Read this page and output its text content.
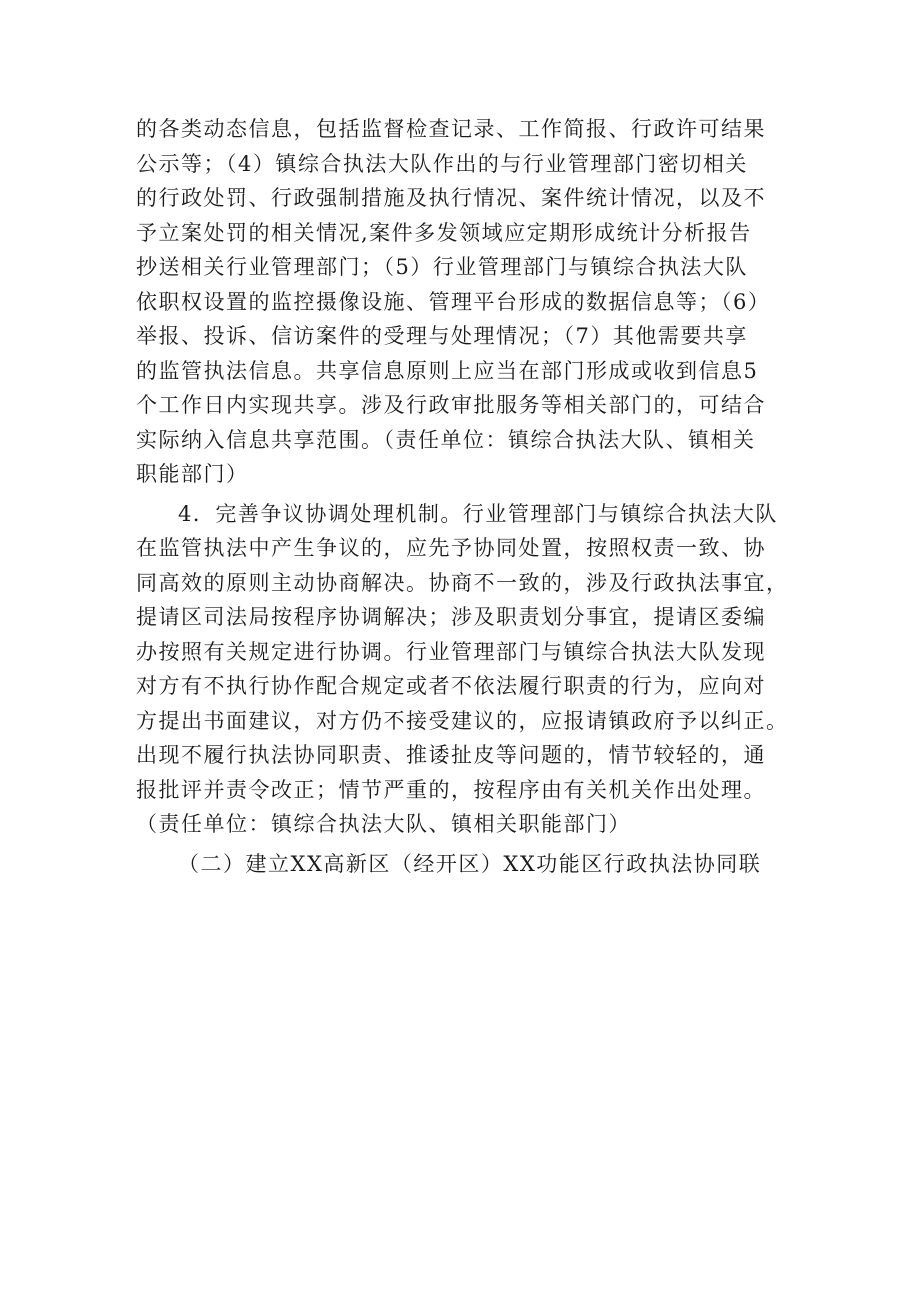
的各类动态信息，包括监督检查记录、工作简报、行政许可结果
公示等；（4）镇综合执法大队作出的与行业管理部门密切相关
的行政处罚、行政强制措施及执行情况、案件统计情况，以及不
予立案处罚的相关情况,案件多发领域应定期形成统计分析报告
抄送相关行业管理部门；（5）行业管理部门与镇综合执法大队
依职权设置的监控摄像设施、管理平台形成的数据信息等；（6）
举报、投诉、信访案件的受理与处理情况；（7）其他需要共享
的监管执法信息。共享信息原则上应当在部门形成或收到信息5
个工作日内实现共享。涉及行政审批服务等相关部门的，可结合
实际纳入信息共享范围。（责任单位：镇综合执法大队、镇相关
职能部门）
4．完善争议协调处理机制。行业管理部门与镇综合执法大队
在监管执法中产生争议的，应先予协同处置，按照权责一致、协
同高效的原则主动协商解决。协商不一致的，涉及行政执法事宜，
提请区司法局按程序协调解决；涉及职责划分事宜，提请区委编
办按照有关规定进行协调。行业管理部门与镇综合执法大队发现
对方有不执行协作配合规定或者不依法履行职责的行为，应向对
方提出书面建议，对方仍不接受建议的，应报请镇政府予以纠正。
出现不履行执法协同职责、推诿扯皮等问题的，情节较轻的，通
报批评并责令改正；情节严重的，按程序由有关机关作出处理。
（责任单位：镇综合执法大队、镇相关职能部门）
（二）建立XX高新区（经开区）XX功能区行政执法协同联
